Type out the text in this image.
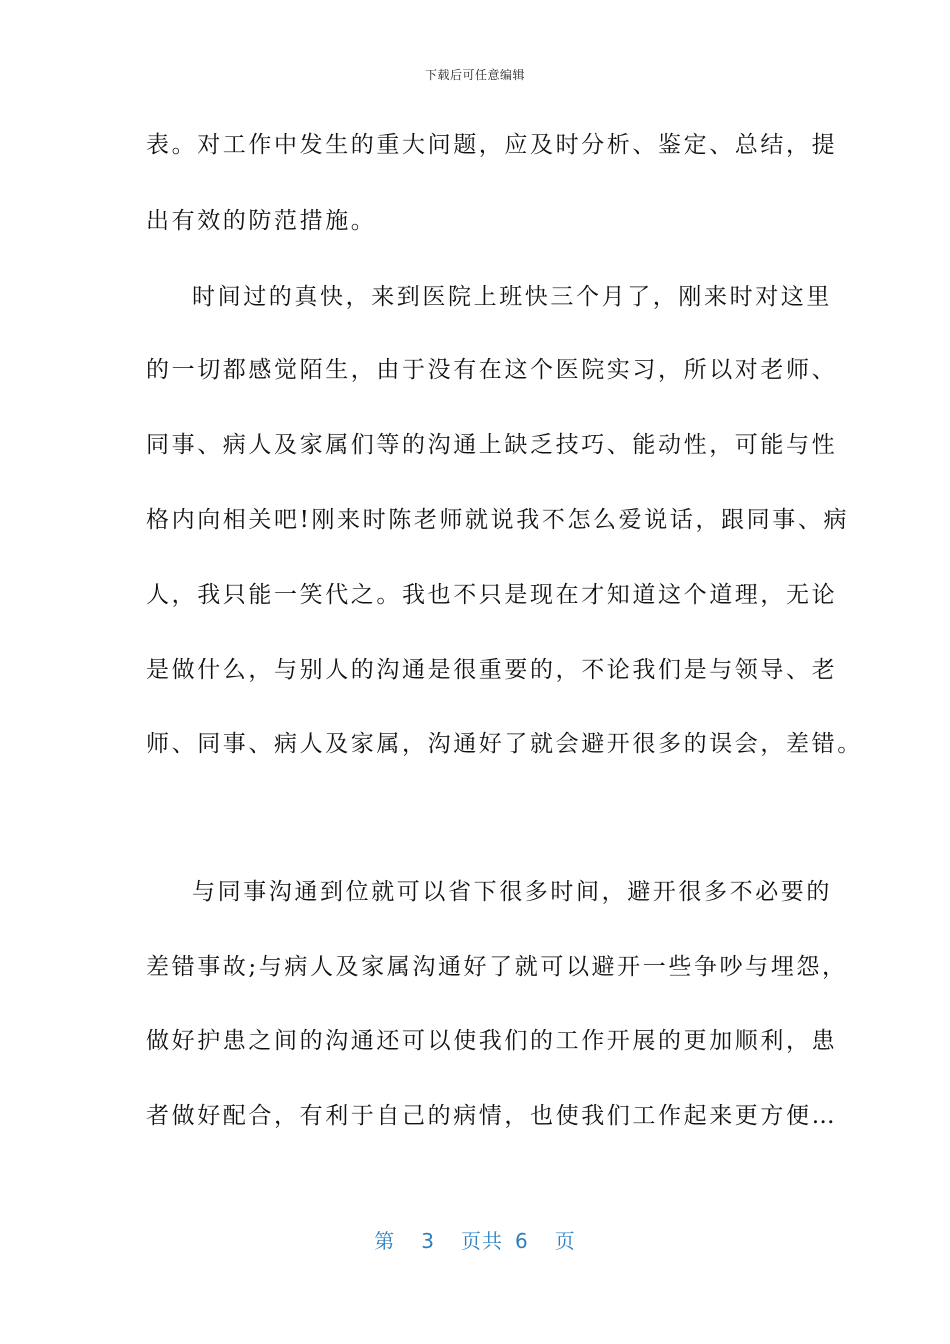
下载后可任意编辑
表。对工作中发生的重大问题，应及时分析、鉴定、总结，提
出有效的防范措施。
时间过的真快，来到医院上班快三个月了，刚来时对这里
的一切都感觉陌生，由于没有在这个医院实习，所以对老师、
同事、病人及家属们等的沟通上缺乏技巧、能动性，可能与性
格内向相关吧!刚来时陈老师就说我不怎么爱说话，跟同事、病
人，我只能一笑代之。我也不只是现在才知道这个道理，无论
是做什么，与别人的沟通是很重要的，不论我们是与领导、老
师、同事、病人及家属，沟通好了就会避开很多的误会，差错。
与同事沟通到位就可以省下很多时间，避开很多不必要的
差错事故;与病人及家属沟通好了就可以避开一些争吵与埋怨，
做好护患之间的沟通还可以使我们的工作开展的更加顺利，患
者做好配合，有利于自己的病情，也使我们工作起来更方便…
第 3 页共 6 页
